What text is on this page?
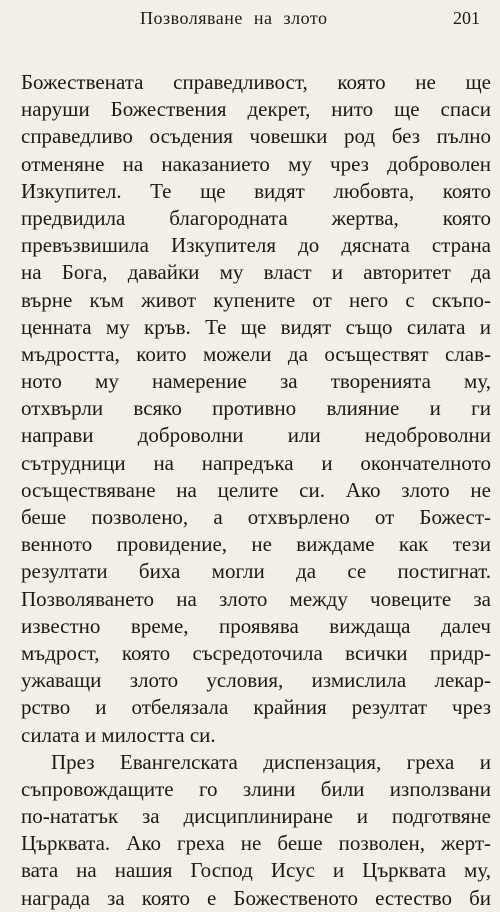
Позволяване на злото	201
Божествената справедливост, която не ще
наруши Божествения декрет, нито ще спаси
справедливо осъдения човешки род без пълно
отменяне на наказанието му чрез доброволен
Изкупител. Те ще видят любовта, която
предвидила благородната жертва, която
превъзвишила Изкупителя до дясната страна
на Бога, давайки му власт и авторитет да
върне към живот купените от него с скъпо-
ценната му кръв. Те ще видят също силата и
мъдростта, които можели да осъществят слав-
ното му намерение за творенията му,
отхвърли всяко противно влияние и ги
направи доброволни или недоброволни
сътрудници на напредъка и окончателното
осъществяване на целите си. Ако злото не
беше позволено, а отхвърлено от Божест-
венното провидение, не виждаме как тези
резултати биха могли да се постигнат.
Позволяването на злото между човеците за
известно време, проявява виждаща далеч
мъдрост, която съсредоточила всички придр-
ужаващи злото условия, измислила лекар-
рство и отбелязала крайния резултат чрез
силата и милостта си.
През Евангелската диспензация, греха и
съпровождащите го злини били използвани
по-нататък за дисциплиниране и подготвяне
Църквата. Ако греха не беше позволен, жерт-
вата на нашия Господ Исус и Църквата му,
награда за която е Божественото естество би
